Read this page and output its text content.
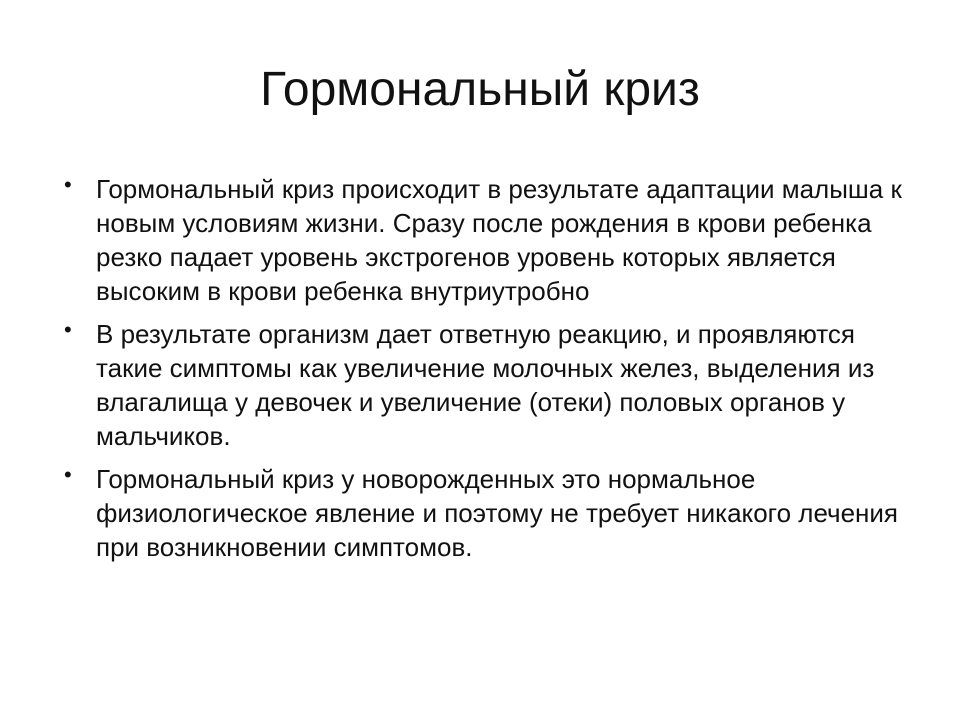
Гормональный криз
• Гормональный криз происходит в результате адаптации малыша к новым условиям жизни. Сразу после рождения в крови ребенка резко падает уровень экстрогенов уровень которых является высоким в крови ребенка внутриутробно
• В результате организм дает ответную реакцию, и проявляются такие симптомы как увеличение молочных желез, выделения из влагалища у девочек и увеличение (отеки) половых органов у мальчиков.
• Гормональный криз у новорожденных это нормальное физиологическое явление и поэтому не требует никакого лечения при возникновении симптомов.
